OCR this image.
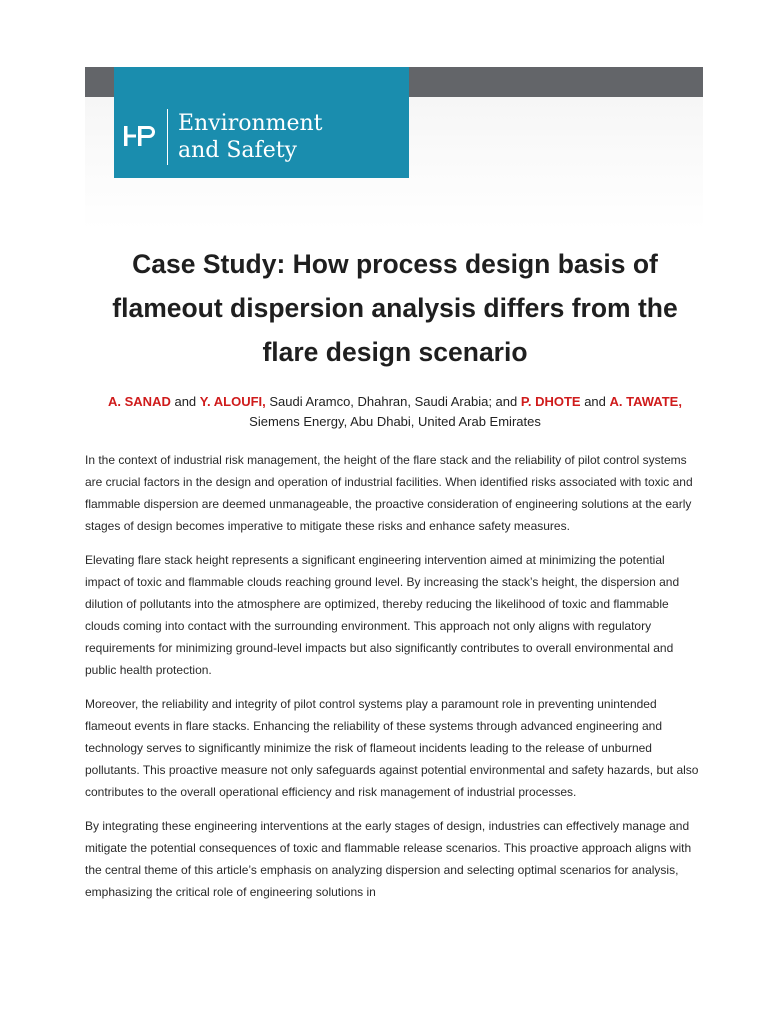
Environment
and Safety
Case Study: How process design basis of flameout dispersion analysis differs from the flare design scenario
A. SANAD and Y. ALOUFI, Saudi Aramco, Dhahran, Saudi Arabia; and P. DHOTE and A. TAWATE, Siemens Energy, Abu Dhabi, United Arab Emirates

In the context of industrial risk management, the height of the flare stack and the reliability of pilot control systems are crucial factors in the design and operation of industrial facilities. When identified risks associated with toxic and flammable dispersion are deemed unmanageable, the proactive consideration of engineering solutions at the early stages of design becomes imperative to mitigate these risks and enhance safety measures.

Elevating flare stack height represents a significant engineering intervention aimed at minimizing the potential impact of toxic and flammable clouds reaching ground level. By increasing the stack’s height, the dispersion and dilution of pollutants into the atmosphere are optimized, thereby reducing the likelihood of toxic and flammable clouds coming into contact with the surrounding environment. This approach not only aligns with regulatory requirements for minimizing ground-level impacts but also significantly contributes to overall environmental and public health protection.

Moreover, the reliability and integrity of pilot control systems play a paramount role in preventing unintended flameout events in flare stacks. Enhancing the reliability of these systems through advanced engineering and technology serves to significantly minimize the risk of flameout incidents leading to the release of unburned pollutants. This proactive measure not only safeguards against potential environmental and safety hazards, but also contributes to the overall operational efficiency and risk management of industrial processes.

By integrating these engineering interventions at the early stages of design, industries can effectively manage and mitigate the potential consequences of toxic and flammable release scenarios. This proactive approach aligns with the central theme of this article’s emphasis on analyzing dispersion and selecting optimal scenarios for analysis, emphasizing the critical role of engineering solutions in
